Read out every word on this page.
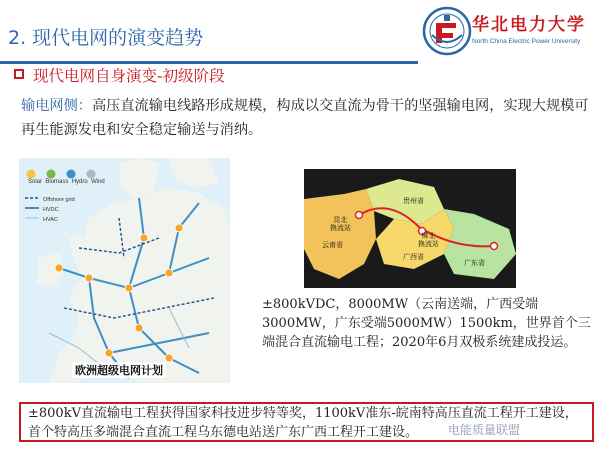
2. 现代电网的演变趋势
华北电力大学
North China Electric Power University
现代电网自身演变-初级阶段
输电网侧：高压直流输电线路形成规模，构成以交直流为骨干的坚强输电网，实现大规模可再生能源发电和安全稳定输送与消纳。
Solar Biomass Hydro Wind
Offshore grid
HVDC
HVAC
欧洲超级电网计划
昆北
换流站
云南省
贵州省
广西省
柳北
换流站
广东省
±800kVDC，8000MW（云南送端，广西受端3000MW，广东受端5000MW）1500km，世界首个三端混合直流输电工程；2020年6月双极系统建成投运。
±800kV直流输电工程获得国家科技进步特等奖，1100kV准东-皖南特高压直流工程开工建设，首个特高压多端混合直流工程乌东德电站送广东广西工程开工建设。	电能质量联盟
